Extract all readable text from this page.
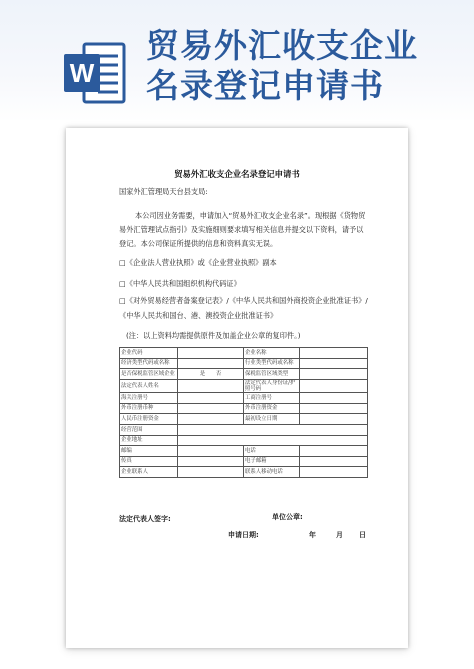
W
贸易外汇收支企业
名录登记申请书
贸易外汇收支企业名录登记申请书
国家外汇管理局天台县支局:
本公司因业务需要，申请加入“贸易外汇收支企业名录”。现根据《货物贸易外汇管理试点指引》及实施细则要求填写相关信息并提交以下资料，请予以登记。本公司保证所提供的信息和资料真实无误。
□《企业法人营业执照》或《企业营业执照》副本
□《中华人民共和国组织机构代码证》
□《对外贸易经营者备案登记表》/《中华人民共和国外商投资企业批准证书》/《中华人民共和国台、港、澳投资企业批准证书》
(注：以上资料均需提供原件及加盖企业公章的复印件。)
企业代码		企业名称	
经济类型代码或名称		行业类型代码或名称	
是否保税监管区域企业	是　　否	保税监管区域类型	
法定代表人姓名		法定代表人身份证/护照号码	
海关注册号		工商注册号	
外币注册币种		外币注册资金	
人民币注册资金		最初设立日期	
经营范围			
企业地址			
邮编		电话	
传真		电子邮箱	
企业联系人		联系人移动电话	
法定代表人签字:	单位公章:
申请日期:	年	月 日
